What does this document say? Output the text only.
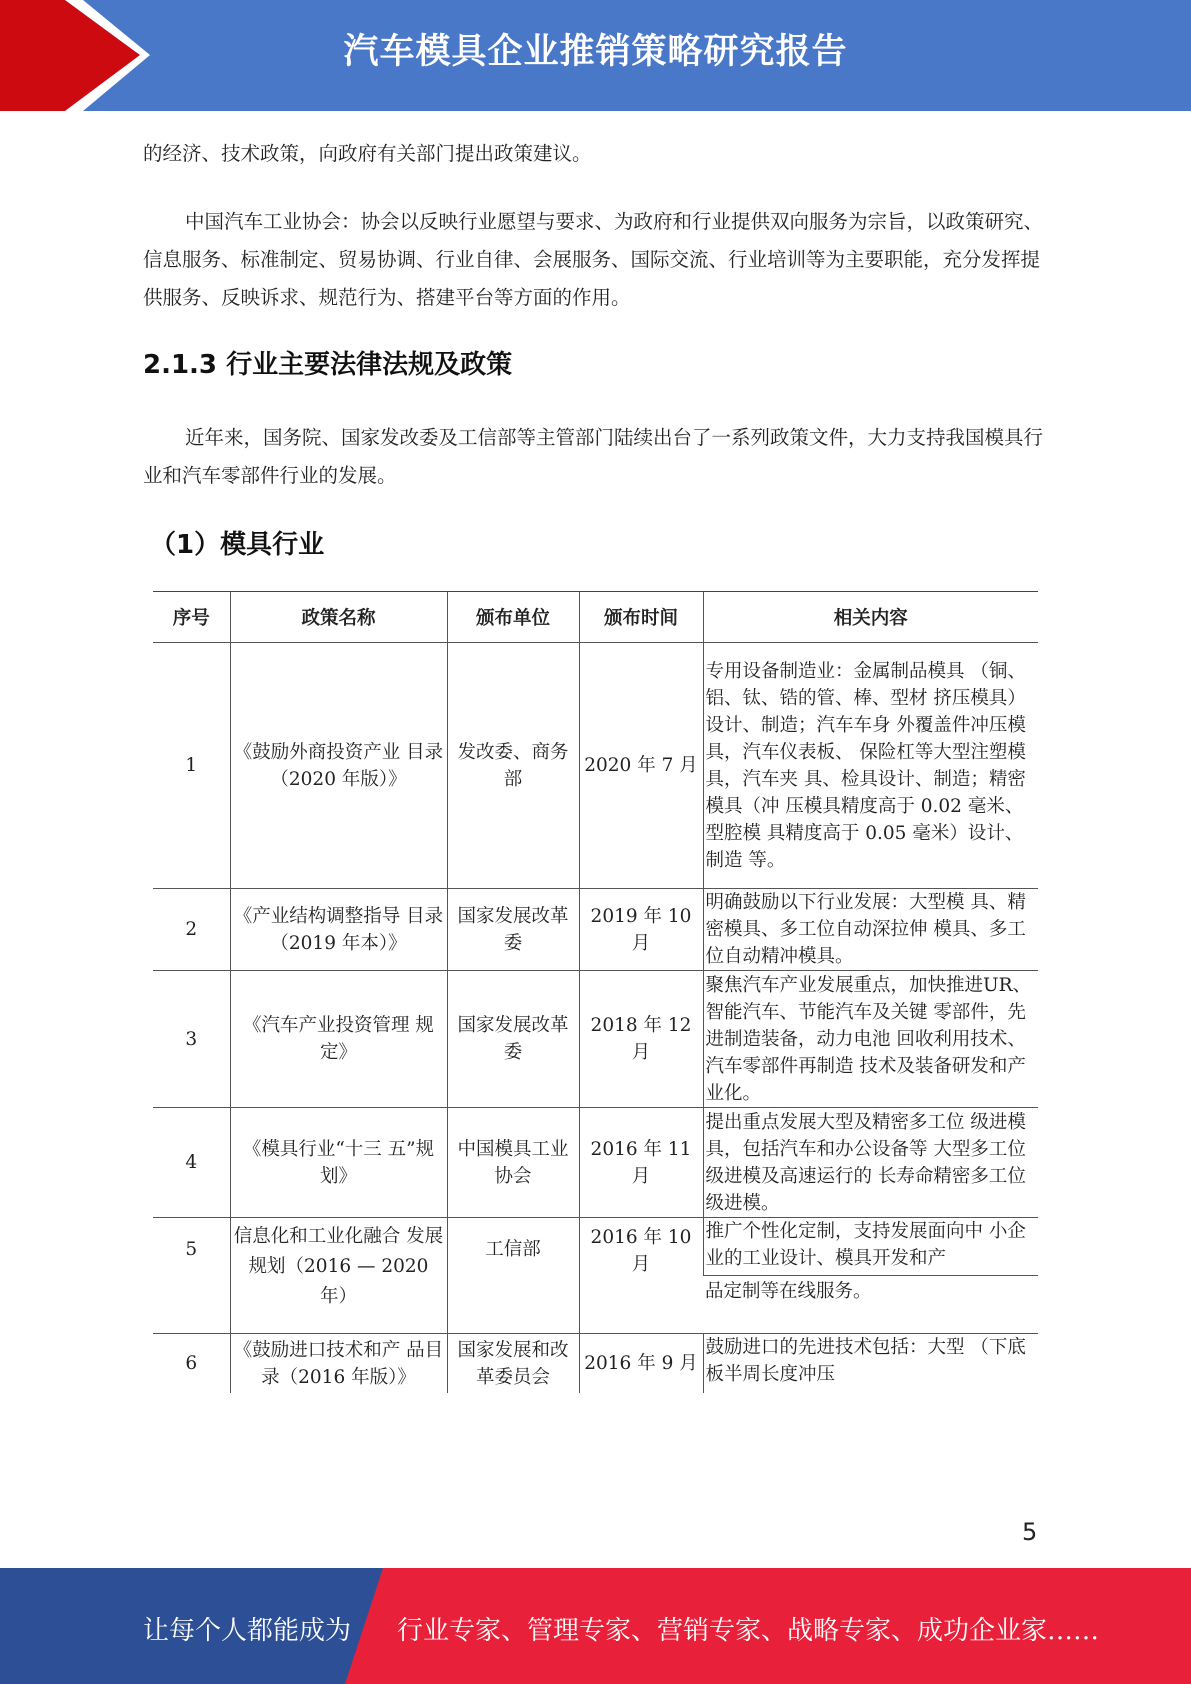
汽车模具企业推销策略研究报告

的经济、技术政策，向政府有关部门提出政策建议。

中国汽车工业协会：协会以反映行业愿望与要求、为政府和行业提供双向服务为宗旨，以政策研究、信息服务、标准制定、贸易协调、行业自律、会展服务、国际交流、行业培训等为主要职能，充分发挥提供服务、反映诉求、规范行为、搭建平台等方面的作用。

2.1.3 行业主要法律法规及政策

近年来，国务院、国家发改委及工信部等主管部门陆续出台了一系列政策文件，大力支持我国模具行业和汽车零部件行业的发展。

（1）模具行业
序号	政策名称	颁布单位	颁布时间	相关内容
1	《鼓励外商投资产业 目录（2020 年版）》	发改委、商务部	2020 年 7 月	专用设备制造业：金属制品模具 （铜、铝、钛、锆的管、棒、型材 挤压模具）设计、制造；汽车车身 外覆盖件冲压模具，汽车仪表板、 保险杠等大型注塑模具，汽车夹 具、检具设计、制造；精密模具（冲 压模具精度高于 0.02 毫米、型腔模 具精度高于 0.05 毫米）设计、制造 等。
2	《产业结构调整指导 目录（2019 年本）》	国家发展改革委	2019 年 10 月	明确鼓励以下行业发展：大型模 具、精密模具、多工位自动深拉伸 模具、多工位自动精冲模具。
3	《汽车产业投资管理 规定》	国家发展改革委	2018 年 12 月	聚焦汽车产业发展重点，加快推进UR、智能汽车、节能汽车及关键 零部件，先进制造装备，动力电池 回收利用技术、汽车零部件再制造 技术及装备研发和产业化。
4	《模具行业“十三 五”规划》	中国模具工业协会	2016 年 11 月	提出重点发展大型及精密多工位 级进模具，包括汽车和办公设备等 大型多工位级进模及高速运行的 长寿命精密多工位级进模。
5	信息化和工业化融合 发展规划（2016 — 2020 年）	工信部	2016 年 10 月	推广个性化定制，支持发展面向中 小企业的工业设计、模具开发和产
				品定制等在线服务。
6	《鼓励进口技术和产 品目录（2016 年版）》	国家发展和改革委员会	2016 年 9 月	鼓励进口的先进技术包括：大型 （下底板半周长度冲压
5
让每个人都能成为 行业专家、管理专家、营销专家、战略专家、成功企业家……
